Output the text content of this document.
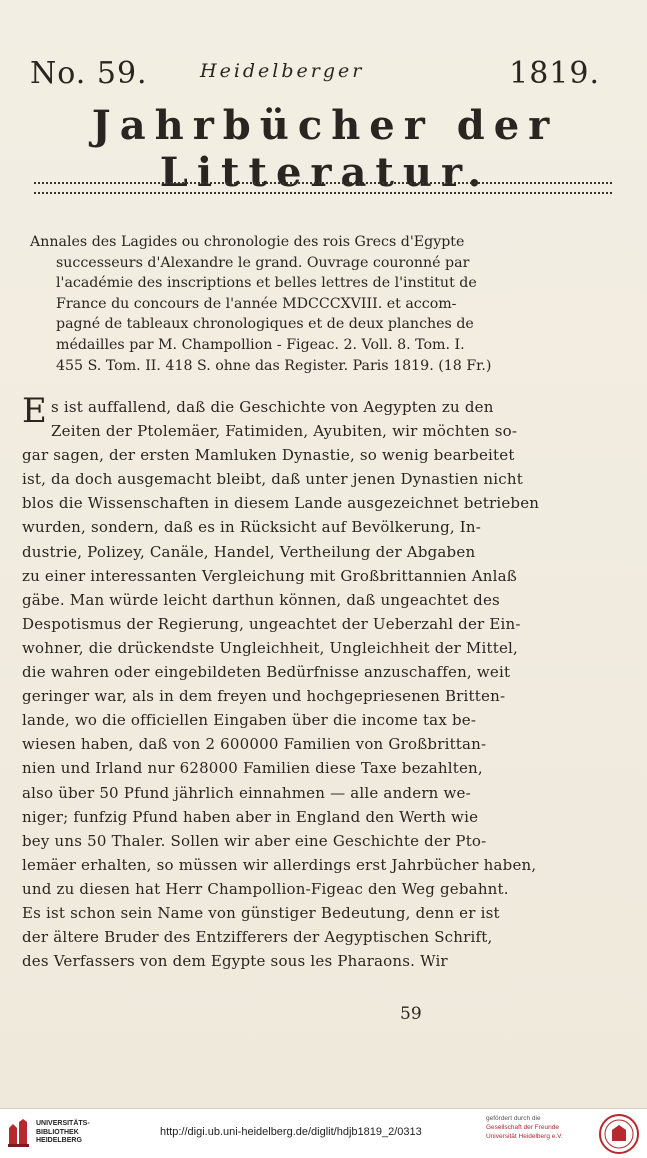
No. 59.	Heidelberger	1819.
Jahrbücher der Litteratur.
Annales des Lagides ou chronologie des rois Grecs d'Egypte
successeurs d'Alexandre le grand. Ouvrage couronné par
l'académie des inscriptions et belles lettres de l'institut de
France du concours de l'année MDCCCXVIII. et accom-
pagné de tableaux chronologiques et de deux planches de
médailles par M. Champollion - Figeac. 2. Voll. 8. Tom. I.
455 S. Tom. II. 418 S. ohne das Register. Paris 1819. (18 Fr.)
E s ist auffallend, daß die Geschichte von Aegypten zu den
Zeiten der Ptolemäer, Fatimiden, Ayubiten, wir möchten so-
gar sagen, der ersten Mamluken Dynastie, so wenig bearbeitet
ist, da doch ausgemacht bleibt, daß unter jenen Dynastien nicht
blos die Wissenschaften in diesem Lande ausgezeichnet betrieben
wurden, sondern, daß es in Rücksicht auf Bevölkerung, In-
dustrie, Polizey, Canäle, Handel, Vertheilung der Abgaben
zu einer interessanten Vergleichung mit Großbrittannien Anlaß
gäbe. Man würde leicht darthun können, daß ungeachtet des
Despotismus der Regierung, ungeachtet der Ueberzahl der Ein-
wohner, die drückendste Ungleichheit, Ungleichheit der Mittel,
die wahren oder eingebildeten Bedürfnisse anzuschaffen, weit
geringer war, als in dem freyen und hochgepriesenen Britten-
lande, wo die officiellen Eingaben über die income tax be-
wiesen haben, daß von 2 600000 Familien von Großbrittan-
nien und Irland nur 628000 Familien diese Taxe bezahlten,
also über 50 Pfund jährlich einnahmen — alle andern we-
niger; funfzig Pfund haben aber in England den Werth wie
bey uns 50 Thaler. Sollen wir aber eine Geschichte der Pto-
lemäer erhalten, so müssen wir allerdings erst Jahrbücher haben,
und zu diesen hat Herr Champollion-Figeac den Weg gebahnt.
Es ist schon sein Name von günstiger Bedeutung, denn er ist
der ältere Bruder des Entzifferers der Aegyptischen Schrift,
des Verfassers von dem Egypte sous les Pharaons. Wir
59
UNIVERSITÄTS-
BIBLIOTHEK
HEIDELBERG
http://digi.ub.uni-heidelberg.de/diglit/hdjb1819_2/0313
gefördert durch die
Gesellschaft der Freunde
Universität Heidelberg e.V.
